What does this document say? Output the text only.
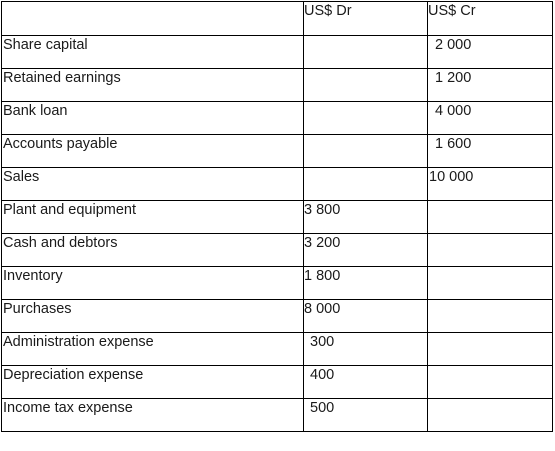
	US$ Dr	US$ Cr

Share capital		2 000

Retained earnings		1 200

Bank loan		4 000

Accounts payable		1 600

Sales		10 000

Plant and equipment	3 800	

Cash and debtors	3 200	

Inventory	1 800	

Purchases	8 000	

Administration expense	300	

Depreciation expense	400	

Income tax expense	500	
